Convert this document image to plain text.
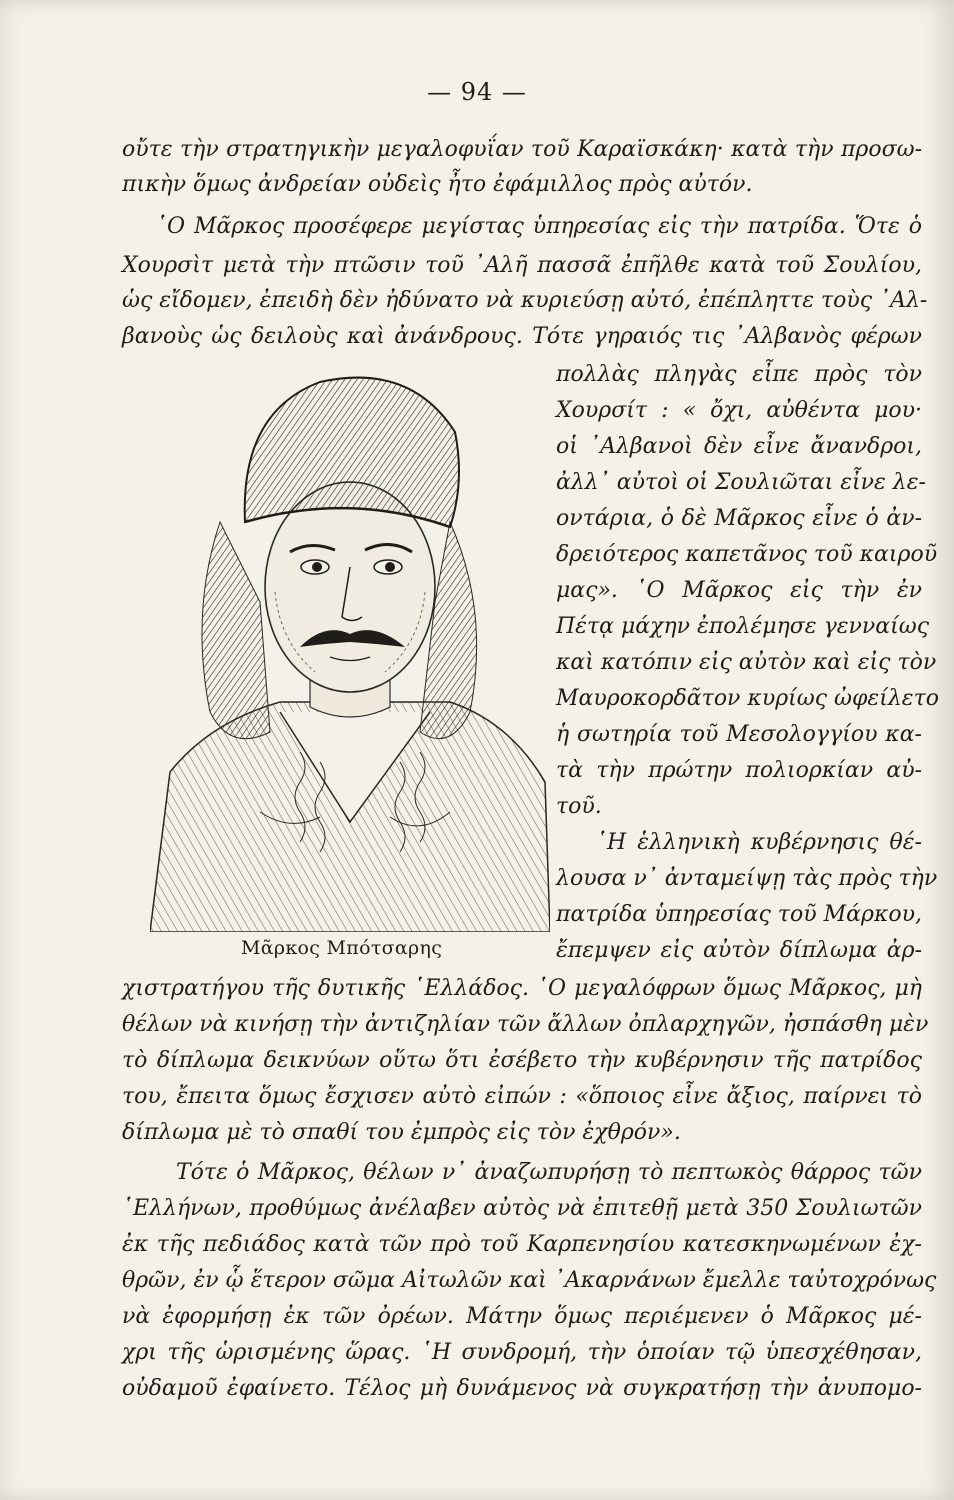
— 94 —
οὔτε τὴν στρατηγικὴν μεγαλοφυΐαν τοῦ Καραϊσκάκη· κατὰ τὴν προσω-
πικὴν ὅμως ἀνδρείαν οὐδεὶς ἦτο ἐφάμιλλος πρὸς αὐτόν.
῾Ο Μᾶρκος προσέφερε μεγίστας ὑπηρεσίας εἰς τὴν πατρίδα. Ὅτε ὁ
Χουρσὶτ μετὰ τὴν πτῶσιν τοῦ ᾿Αλῆ πασσᾶ ἐπῆλθε κατὰ τοῦ Σουλίου,
ὡς εἴδομεν, ἐπειδὴ δὲν ἠδύνατο νὰ κυριεύσῃ αὐτό, ἐπέπληττε τοὺς ᾿Αλ-
βανοὺς ὡς δειλοὺς καὶ ἀνάνδρους. Τότε γηραιός τις ᾿Αλβανὸς φέρων
πολλὰς πληγὰς εἶπε πρὸς τὸν
Χουρσίτ : « ὄχι, αὐθέντα μου·
οἱ ᾿Αλβανοὶ δὲν εἶνε ἄνανδροι,
ἀλλ᾿ αὐτοὶ οἱ Σουλιῶται εἶνε λε-
οντάρια, ὁ δὲ Μᾶρκος εἶνε ὁ ἀν-
δρειότερος καπετᾶνος τοῦ καιροῦ
μας». ῾Ο Μᾶρκος εἰς τὴν ἐν
Πέτᾳ μάχην ἐπολέμησε γενναίως
καὶ κατόπιν εἰς αὐτὸν καὶ εἰς τὸν
Μαυροκορδᾶτον κυρίως ὠφείλετο
ἡ σωτηρία τοῦ Μεσολογγίου κα-
τὰ τὴν πρώτην πολιορκίαν αὐ-
τοῦ.
῾Η ἑλληνικὴ κυβέρνησις θέ-
λουσα ν᾿ ἀνταμείψῃ τὰς πρὸς τὴν
πατρίδα ὑπηρεσίας τοῦ Μάρκου,
ἔπεμψεν εἰς αὐτὸν δίπλωμα ἀρ-
Μᾶρκος Μπότσαρης
χιστρατήγου τῆς δυτικῆς ῾Ελλάδος. ῾Ο μεγαλόφρων ὅμως Μᾶρκος, μὴ
θέλων νὰ κινήσῃ τὴν ἀντιζηλίαν τῶν ἄλλων ὀπλαρχηγῶν, ἠσπάσθη μὲν
τὸ δίπλωμα δεικνύων οὕτω ὅτι ἐσέβετο τὴν κυβέρνησιν τῆς πατρίδος
του, ἔπειτα ὅμως ἔσχισεν αὐτὸ εἰπών : «ὅποιος εἶνε ἄξιος, παίρνει τὸ
δίπλωμα μὲ τὸ σπαθί του ἐμπρὸς εἰς τὸν ἐχθρόν».
Τότε ὁ Μᾶρκος, θέλων ν᾿ ἀναζωπυρήσῃ τὸ πεπτωκὸς θάρρος τῶν
῾Ελλήνων, προθύμως ἀνέλαβεν αὐτὸς νὰ ἐπιτεθῇ μετὰ 350 Σουλιωτῶν
ἐκ τῆς πεδιάδος κατὰ τῶν πρὸ τοῦ Καρπενησίου κατεσκηνωμένων ἐχ-
θρῶν, ἐν ᾧ ἕτερον σῶμα Αἰτωλῶν καὶ ᾿Ακαρνάνων ἔμελλε ταὐτοχρόνως
νὰ ἐφορμήσῃ ἐκ τῶν ὀρέων. Μάτην ὅμως περιέμενεν ὁ Μᾶρκος μέ-
χρι τῆς ὡρισμένης ὥρας. ῾Η συνδρομή, τὴν ὁποίαν τῷ ὑπεσχέθησαν,
οὐδαμοῦ ἐφαίνετο. Τέλος μὴ δυνάμενος νὰ συγκρατήσῃ τὴν ἀνυπομο-
